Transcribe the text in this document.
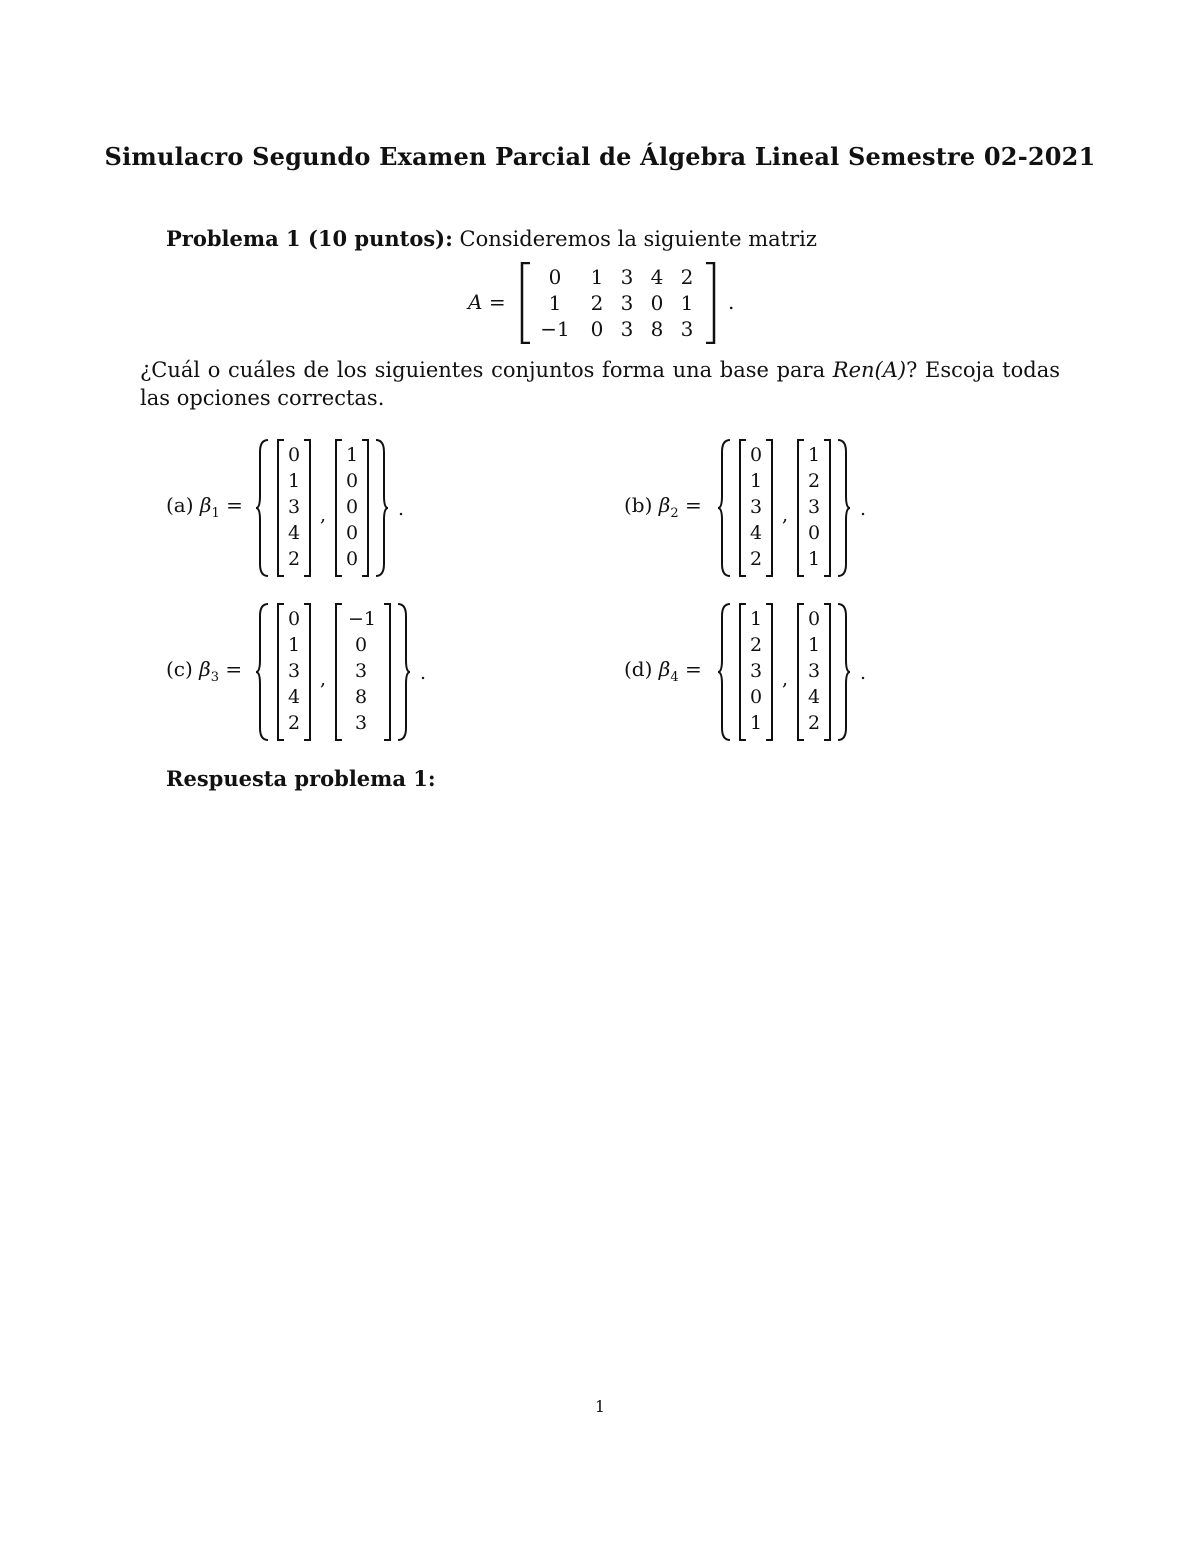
Simulacro Segundo Examen Parcial de Álgebra Lineal Semestre 02-2021
Problema 1 (10 puntos): Consideremos la siguiente matriz
A =	.
0	1 3 4 2
1	2 3 0 1
−1	0 3 8 3
¿Cuál o cuáles de los siguientes conjuntos forma una base para Ren(A)? Escoja todas las opciones correctas.
(a) $\beta_1$ =
0
1
3
4
2
,
1
0
0
0
0
.	(b) $\beta_2$ =
0
1
3
4
2
,
1
2
3
0
1
.
(c) $\beta_3$ =
0
1
3
4
2
,
−1
0
3
8
3
.	(d) $\beta_4$ =
1
2
3
0
1
,
0
1
3
4
2
.
Respuesta problema 1:
1
